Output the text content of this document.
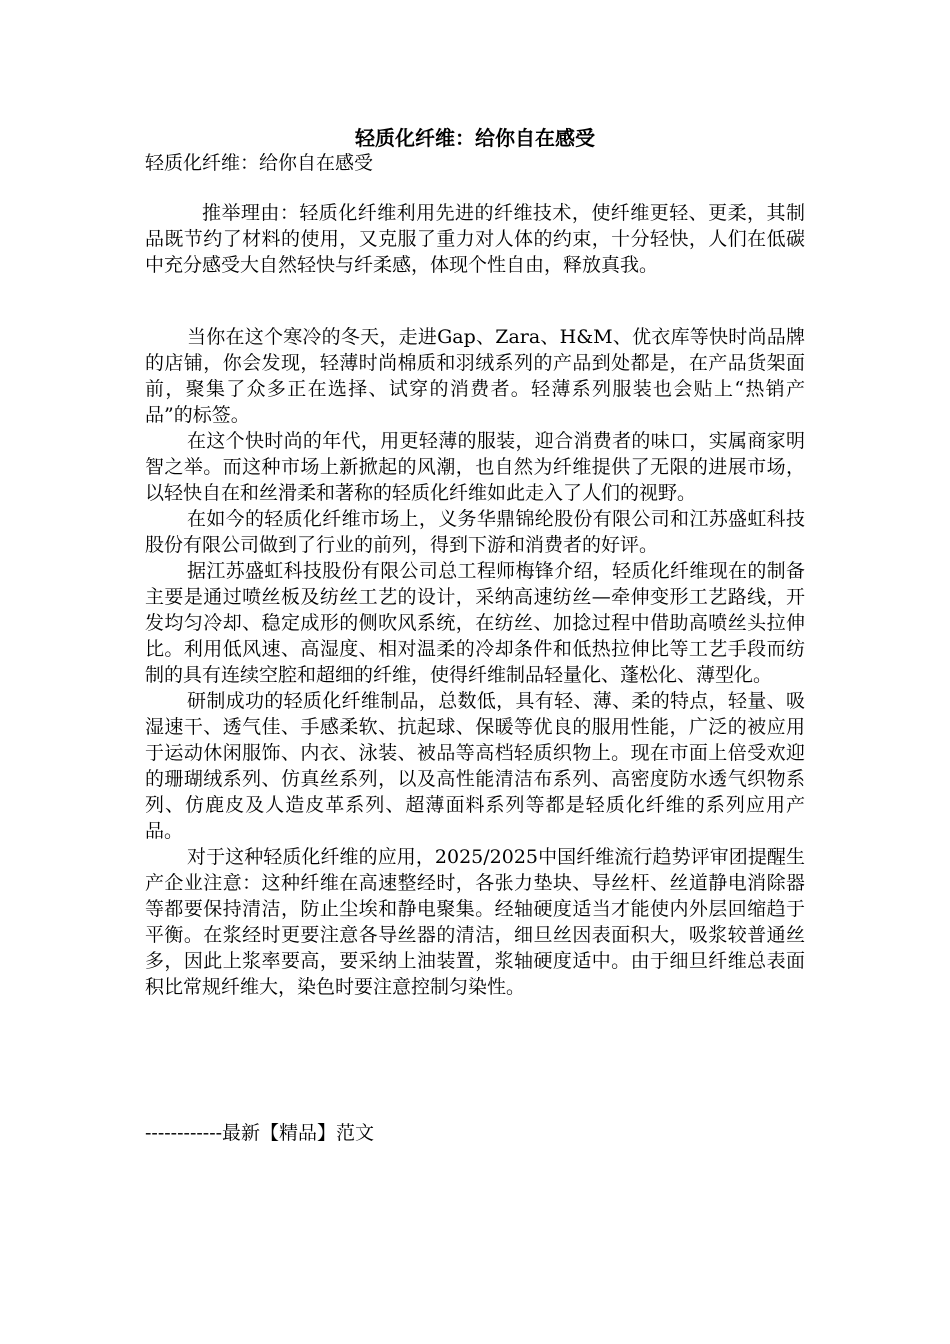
轻质化纤维：给你自在感受
轻质化纤维：给你自在感受
推举理由：轻质化纤维利用先进的纤维技术，使纤维更轻、更柔，其制品既节约了材料的使用，又克服了重力对人体的约束，十分轻快，人们在低碳中充分感受大自然轻快与纤柔感，体现个性自由，释放真我。

当你在这个寒冷的冬天，走进Gap、Zara、H&M、优衣库等快时尚品牌的店铺，你会发现，轻薄时尚棉质和羽绒系列的产品到处都是，在产品货架面前，聚集了众多正在选择、试穿的消费者。轻薄系列服装也会贴上“热销产品”的标签。

在这个快时尚的年代，用更轻薄的服装，迎合消费者的味口，实属商家明智之举。而这种市场上新掀起的风潮，也自然为纤维提供了无限的进展市场，以轻快自在和丝滑柔和著称的轻质化纤维如此走入了人们的视野。

在如今的轻质化纤维市场上，义务华鼎锦纶股份有限公司和江苏盛虹科技股份有限公司做到了行业的前列，得到下游和消费者的好评。

据江苏盛虹科技股份有限公司总工程师梅锋介绍，轻质化纤维现在的制备主要是通过喷丝板及纺丝工艺的设计，采纳高速纺丝—牵伸变形工艺路线，开发均匀冷却、稳定成形的侧吹风系统，在纺丝、加捻过程中借助高喷丝头拉伸比。利用低风速、高湿度、相对温柔的冷却条件和低热拉伸比等工艺手段而纺制的具有连续空腔和超细的纤维，使得纤维制品轻量化、蓬松化、薄型化。

研制成功的轻质化纤维制品，总数低，具有轻、薄、柔的特点，轻量、吸湿速干、透气佳、手感柔软、抗起球、保暖等优良的服用性能，广泛的被应用于运动休闲服饰、内衣、泳装、被品等高档轻质织物上。现在市面上倍受欢迎的珊瑚绒系列、仿真丝系列，以及高性能清洁布系列、高密度防水透气织物系列、仿鹿皮及人造皮革系列、超薄面料系列等都是轻质化纤维的系列应用产品。

对于这种轻质化纤维的应用，2025/2025中国纤维流行趋势评审团提醒生产企业注意：这种纤维在高速整经时，各张力垫块、导丝杆、丝道静电消除器等都要保持清洁，防止尘埃和静电聚集。经轴硬度适当才能使内外层回缩趋于平衡。在浆经时更要注意各导丝器的清洁，细旦丝因表面积大，吸浆较普通丝多，因此上浆率要高，要采纳上油装置，浆轴硬度适中。由于细旦纤维总表面积比常规纤维大，染色时要注意控制匀染性。

------------最新【精品】范文
